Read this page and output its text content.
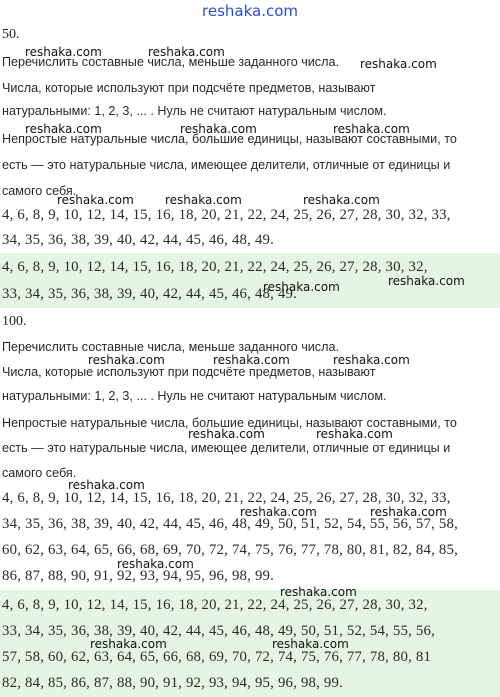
reshaka.com
50.
Перечислить составные числа, меньше заданного числа.
Числа, которые используют при подсчёте предметов, называют
натуральными: 1, 2, 3, ... . Нуль не считают натуральным числом.
Непростые натуральные числа, большие единицы, называют составными, то
есть — это натуральные числа, имеющее делители, отличные от единицы и
самого себя.
4, 6, 8, 9, 10, 12, 14, 15, 16, 18, 20, 21, 22, 24, 25, 26, 27, 28, 30, 32, 33,
34, 35, 36, 38, 39, 40, 42, 44, 45, 46, 48, 49.
4, 6, 8, 9, 10, 12, 14, 15, 16, 18, 20, 21, 22, 24, 25, 26, 27, 28, 30, 32,
33, 34, 35, 36, 38, 39, 40, 42, 44, 45, 46, 48, 49.
100.
Перечислить составные числа, меньше заданного числа.
Числа, которые используют при подсчёте предметов, называют
натуральными: 1, 2, 3, ... . Нуль не считают натуральным числом.
Непростые натуральные числа, большие единицы, называют составными, то
есть — это натуральные числа, имеющее делители, отличные от единицы и
самого себя.
4, 6, 8, 9, 10, 12, 14, 15, 16, 18, 20, 21, 22, 24, 25, 26, 27, 28, 30, 32, 33,
34, 35, 36, 38, 39, 40, 42, 44, 45, 46, 48, 49, 50, 51, 52, 54, 55, 56, 57, 58,
60, 62, 63, 64, 65, 66, 68, 69, 70, 72, 74, 75, 76, 77, 78, 80, 81, 82, 84, 85,
86, 87, 88, 90, 91, 92, 93, 94, 95, 96, 98, 99.
4, 6, 8, 9, 10, 12, 14, 15, 16, 18, 20, 21, 22, 24, 25, 26, 27, 28, 30, 32,
33, 34, 35, 36, 38, 39, 40, 42, 44, 45, 46, 48, 49, 50, 51, 52, 54, 55, 56,
57, 58, 60, 62, 63, 64, 65, 66, 68, 69, 70, 72, 74, 75, 76, 77, 78, 80, 81
82, 84, 85, 86, 87, 88, 90, 91, 92, 93, 94, 95, 96, 98, 99.
reshaka.com	reshaka.com
reshaka.com
reshaka.com	reshaka.com	reshaka.com
reshaka.com	reshaka.com	reshaka.com
reshaka.com	reshaka.com
reshaka.com	reshaka.com	reshaka.com
reshaka.com	reshaka.com
reshaka.com
reshaka.com	reshaka.com
reshaka.com
reshaka.com
reshaka.com	reshaka.com
